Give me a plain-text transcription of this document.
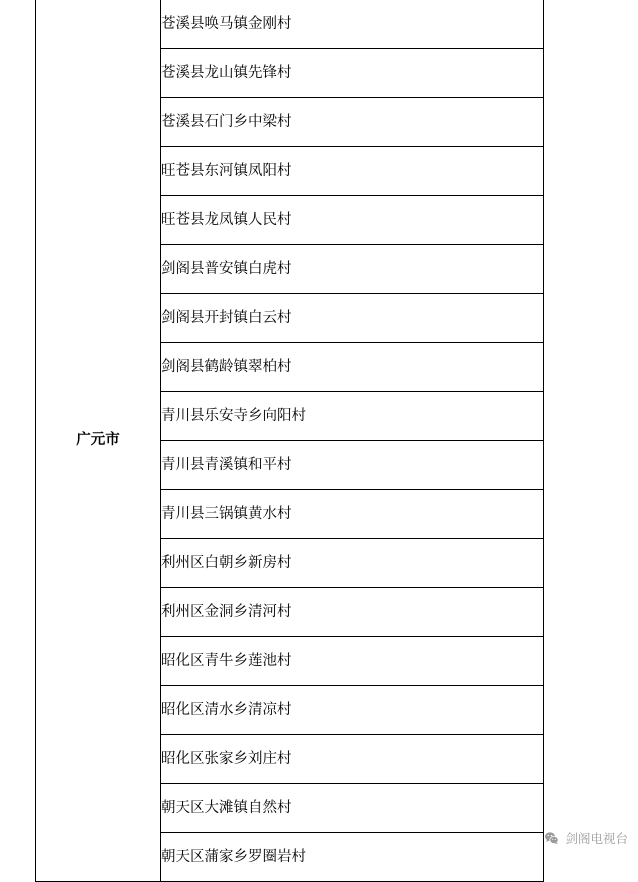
广元市	苍溪县唤马镇金刚村
苍溪县龙山镇先锋村
苍溪县石门乡中梁村
旺苍县东河镇凤阳村
旺苍县龙凤镇人民村
剑阁县普安镇白虎村
剑阁县开封镇白云村
剑阁县鹤龄镇翠柏村
青川县乐安寺乡向阳村
青川县青溪镇和平村
青川县三锅镇黄水村
利州区白朝乡新房村
利州区金洞乡清河村
昭化区青牛乡莲池村
昭化区清水乡清凉村
昭化区张家乡刘庄村
朝天区大滩镇自然村
朝天区蒲家乡罗圈岩村
剑阁电视台
